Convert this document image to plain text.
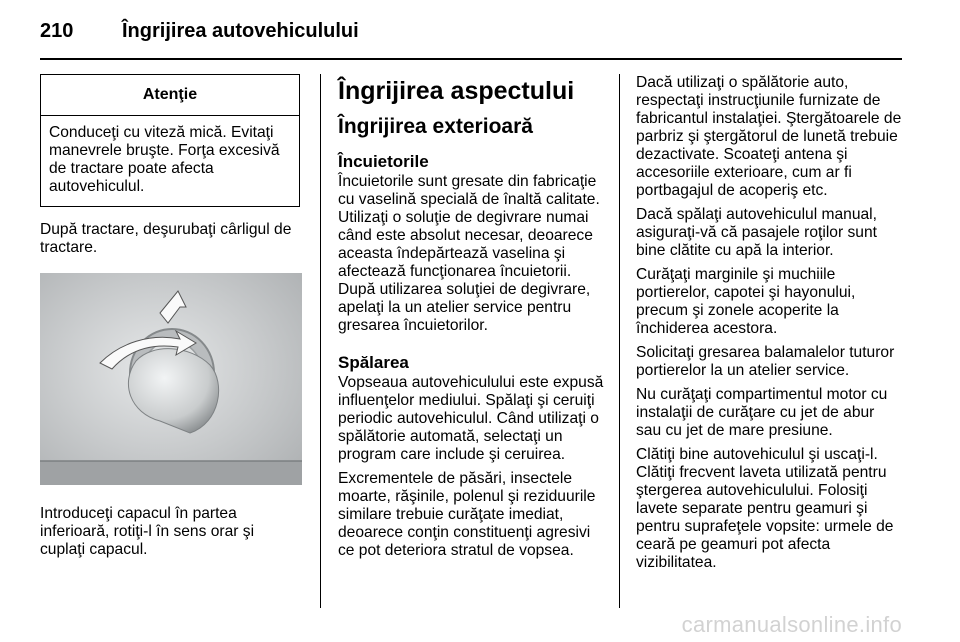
210 Îngrijirea autovehiculului
Atenţie
Conduceţi cu viteză mică. Evitaţi manevrele bruşte. Forţa excesivă de tractare poate afecta autovehiculul.

După tractare, deşurubaţi cârligul de tractare.

Introduceţi capacul în partea inferioară, rotiţi-l în sens orar şi cuplaţi capacul.

Îngrijirea aspectului
Îngrijirea exterioară
Încuietorile

Încuietorile sunt gresate din fabricaţie cu vaselină specială de înaltă calitate. Utilizaţi o soluţie de degivrare numai când este absolut necesar, deoarece aceasta îndepărtează vaselina şi afectează funcţionarea încuietorii. După utilizarea soluţiei de degivrare, apelaţi la un atelier service pentru gresarea încuietorilor.

Spălarea

Vopseaua autovehiculului este expusă influenţelor mediului. Spălaţi şi ceruiţi periodic autovehiculul. Când utilizaţi o spălătorie automată, selectaţi un program care include şi ceruirea.

Excrementele de păsări, insectele moarte, răşinile, polenul şi reziduurile similare trebuie curăţate imediat, deoarece conţin constituenţi agresivi ce pot deteriora stratul de vopsea.

Dacă utilizaţi o spălătorie auto, respectaţi instrucţiunile furnizate de fabricantul instalaţiei. Ştergătoarele de parbriz şi ştergătorul de lunetă trebuie dezactivate. Scoateţi antena şi accesoriile exterioare, cum ar fi portbagajul de acoperiş etc.

Dacă spălaţi autovehiculul manual, asiguraţi-vă că pasajele roţilor sunt bine clătite cu apă la interior.

Curăţaţi marginile şi muchiile portierelor, capotei şi hayonului, precum şi zonele acoperite la închiderea acestora.

Solicitaţi gresarea balamalelor tuturor portierelor la un atelier service.

Nu curăţaţi compartimentul motor cu instalaţii de curăţare cu jet de abur sau cu jet de mare presiune.

Clătiţi bine autovehiculul şi uscaţi-l. Clătiţi frecvent laveta utilizată pentru ştergerea autovehiculului. Folosiţi lavete separate pentru geamuri şi pentru suprafeţele vopsite: urmele de ceară pe geamuri pot afecta vizibilitatea.

carmanualsonline.info
